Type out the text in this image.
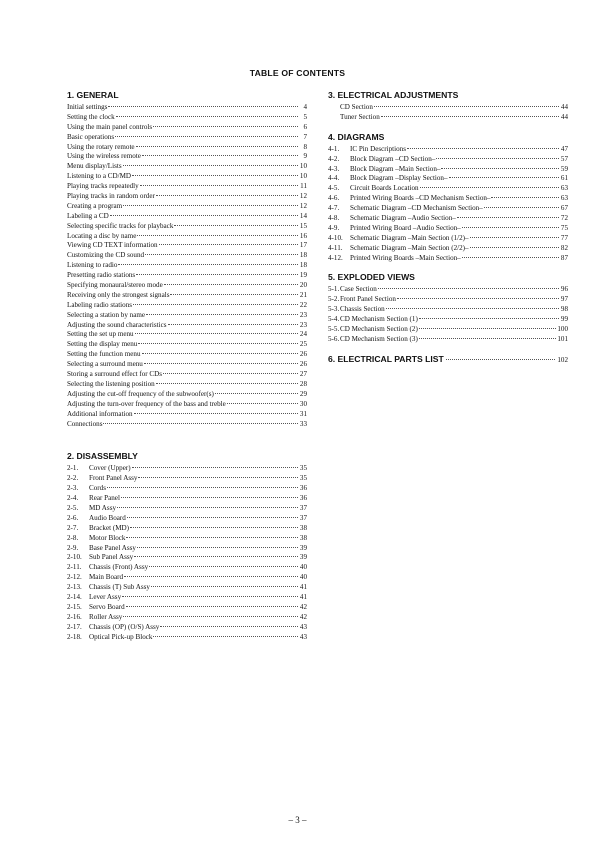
TABLE OF CONTENTS
1. GENERAL
Initial settings	4
Setting the clock	5
Using the main panel controls	6
Basic operations	7
Using the rotary remote	8
Using the wireless remote	9
Menu display/Lists	10
Listening to a CD/MD	10
Playing tracks repeatedly	11
Playing tracks in random order	12
Creating a program	12
Labeling a CD	14
Selecting specific tracks for playback	15
Locating a disc by name	16
Viewing CD TEXT information	17
Customizing the CD sound	18
Listening to radio	18
Presetting radio stations	19
Specifying monaural/stereo mode	20
Receiving only the strongest signals	21
Labeling radio stations	22
Selecting a station by name	23
Adjusting the sound characteristics	23
Setting the set up menu	24
Setting the display menu	25
Setting the function menu	26
Selecting a surround menu	26
Storing a surround effect for CDs	27
Selecting the listening position	28
Adjusting the cut-off frequency of the subwoofer(s)	29
Adjusting the turn-over frequency of the bass and treble	30
Additional information	31
Connections	33
2. DISASSEMBLY
2-1.	Cover (Upper)	35
2-2.	Front Panel Assy	35
2-3.	Cords	36
2-4.	Rear Panel	36
2-5.	MD Assy	37
2-6.	Audio Board	37
2-7.	Bracket (MD)	38
2-8.	Motor Block	38
2-9.	Base Panel Assy	39
2-10.	Sub Panel Assy	39
2-11.	Chassis (Front) Assy	40
2-12.	Main Board	40
2-13.	Chassis (T) Sub Assy	41
2-14.	Lever Assy	41
2-15.	Servo Board	42
2-16.	Roller Assy	42
2-17.	Chassis (OP) (O/S) Assy	43
2-18.	Optical Pick-up Block	43
3. ELECTRICAL ADJUSTMENTS
CD Section	44
Tuner Section	44
4. DIAGRAMS
4-1.	IC Pin Descriptions	47
4-2.	Block Diagram –CD Section–	57
4-3.	Block Diagram –Main Section–	59
4-4.	Block Diagram –Display Section–	61
4-5.	Circuit Boards Location	63
4-6.	Printed Wiring Boards –CD Mechanism Section–	63
4-7.	Schematic Diagram –CD Mechanism Section–	67
4-8.	Schematic Diagram –Audio Section–	72
4-9.	Printed Wiring Board –Audio Section–	75
4-10.	Schematic Diagram –Main Section (1/2)–	77
4-11.	Schematic Diagram –Main Section (2/2)–	82
4-12.	Printed Wiring Boards –Main Section–	87
5. EXPLODED VIEWS
5-1. Case Section	96
5-2. Front Panel Section	97
5-3. Chassis Section	98
5-4. CD Mechanism Section (1)	99
5-5. CD Mechanism Section (2)	100
5-6. CD Mechanism Section (3)	101
6. ELECTRICAL PARTS LIST	102
– 3 –
